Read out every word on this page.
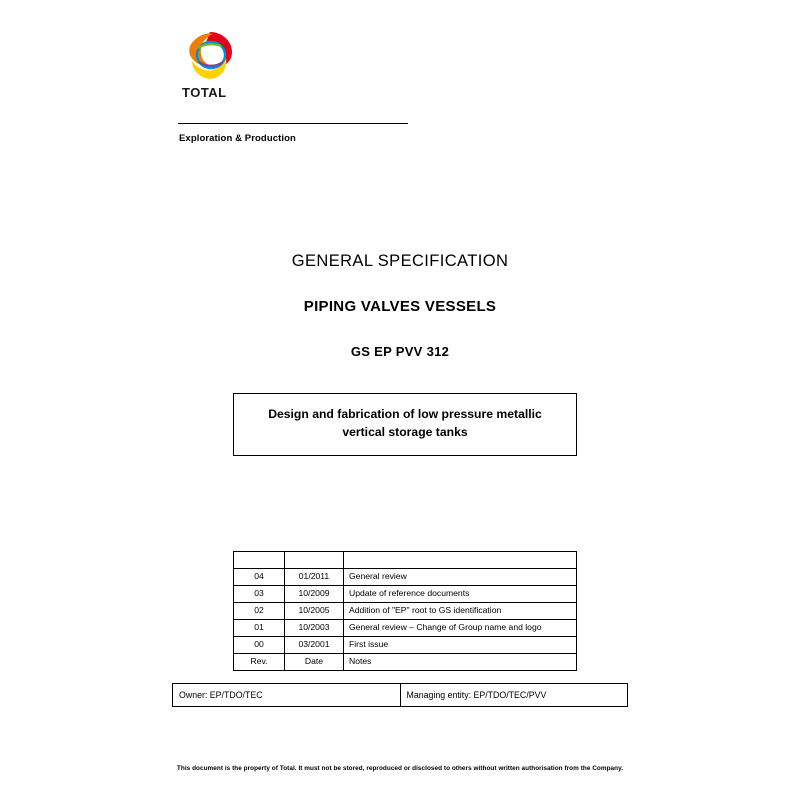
TOTAL
Exploration & Production
GENERAL SPECIFICATION
PIPING VALVES VESSELS
GS EP PVV 312
Design and fabrication of low pressure metallic
vertical storage tanks

04	01/2011	General review
03	10/2009	Update of reference documents
02	10/2005	Addition of "EP" root to GS identification
01	10/2003	General review – Change of Group name and logo
00	03/2001	First issue
Rev.	Date	Notes
Owner: EP/TDO/TEC	Managing entity: EP/TDO/TEC/PVV
This document is the property of Total. It must not be stored, reproduced or disclosed to others without written authorisation from the Company.
